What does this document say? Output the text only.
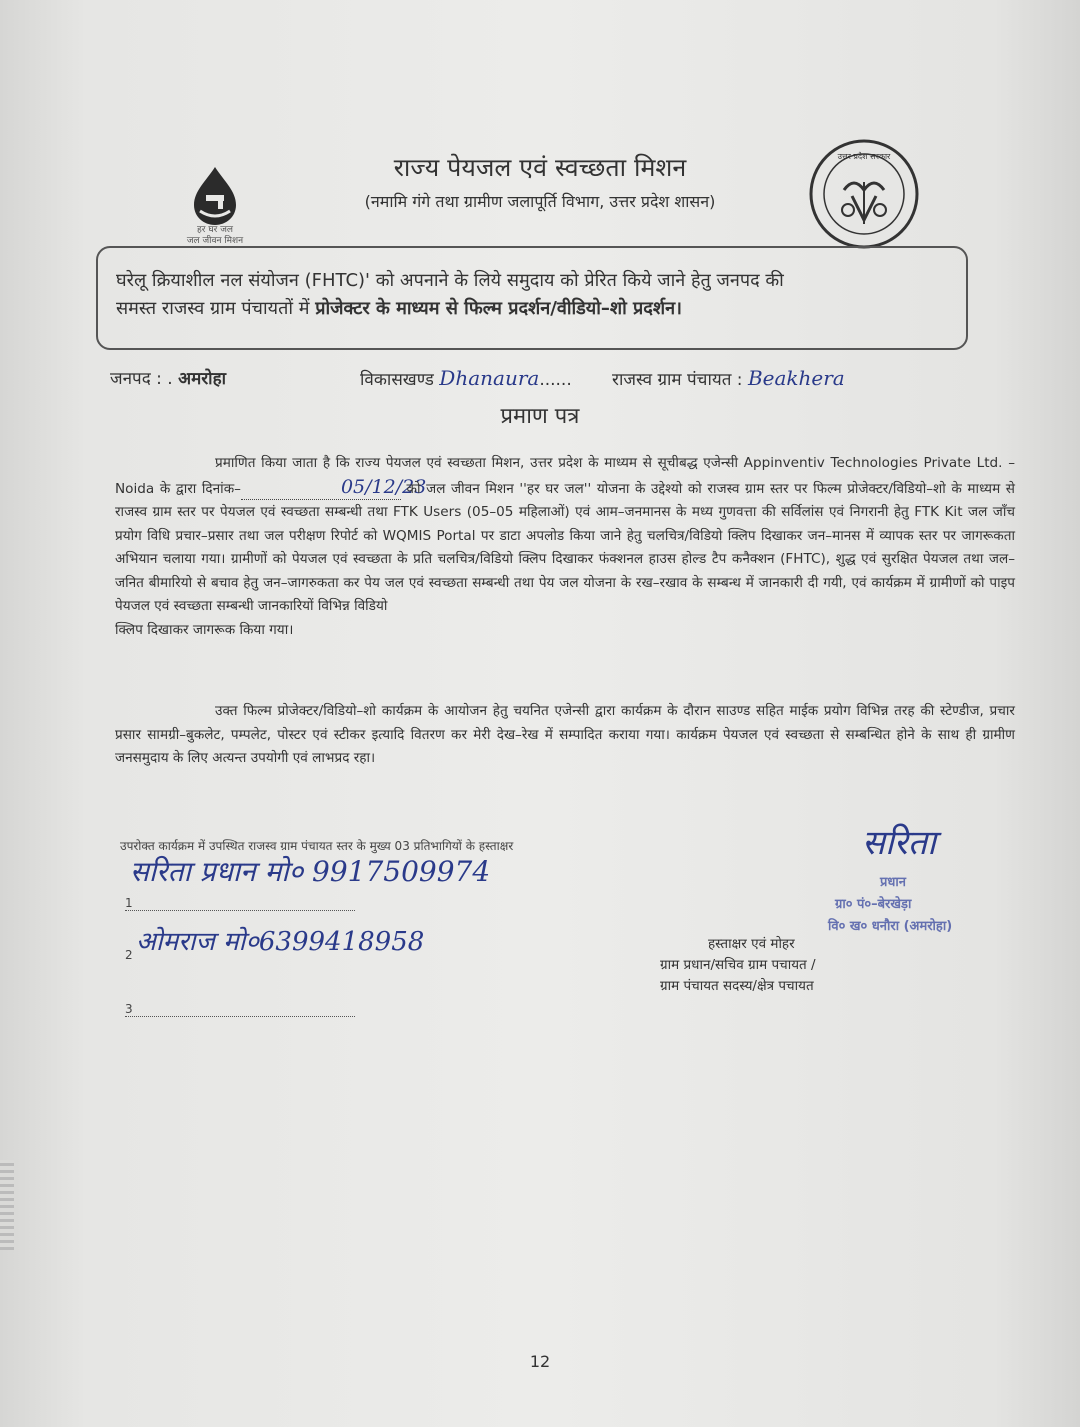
हर घर जल
जल जीवन मिशन
राज्य पेयजल एवं स्वच्छता मिशन
(नमामि गंगे तथा ग्रामीण जलापूर्ति विभाग, उत्तर प्रदेश शासन)
उत्तर प्रदेश सरकार
घरेलू क्रियाशील नल संयोजन (FHTC)' को अपनाने के लिये समुदाय को प्रेरित किये जाने हेतु जनपद की
समस्त राजस्व ग्राम पंचायतों में प्रोजेक्टर के माध्यम से फिल्म प्रदर्शन/वीडियो–शो प्रदर्शन।
जनपद : . अमरोहा	विकासखण्ड Dhanaura...... राजस्व ग्राम पंचायत : Beakhera
प्रमाण पत्र

प्रमाणित किया जाता है कि राज्य पेयजल एवं स्वच्छता मिशन, उत्तर प्रदेश के माध्यम से सूचीबद्ध एजेन्सी Appinventiv Technologies Private Ltd. – Noida के द्वारा दिनांक–	05/12/23 को जल जीवन मिशन ''हर घर जल'' योजना के उद्देश्यो को राजस्व ग्राम स्तर पर फिल्म प्रोजेक्टर/विडियो–शो के माध्यम से राजस्व ग्राम स्तर पर पेयजल एवं स्वच्छता सम्बन्धी तथा FTK Users (05–05 महिलाओं) एवं आम–जनमानस के मध्य गुणवत्ता की सर्विलांस एवं निगरानी हेतु FTK Kit जल जाँच प्रयोग विधि प्रचार–प्रसार तथा जल परीक्षण रिपोर्ट को WQMIS Portal पर डाटा अपलोड किया जाने हेतु चलचित्र/विडियो क्लिप दिखाकर जन–मानस में व्यापक स्तर पर जागरूकता अभियान चलाया गया। ग्रामीणों को पेयजल एवं स्वच्छता के प्रति चलचित्र/विडियो क्लिप दिखाकर फंक्शनल हाउस होल्ड टैप कनैक्शन (FHTC), शुद्ध एवं सुरक्षित पेयजल तथा जल–जनित बीमारियो से बचाव हेतु जन–जागरुकता कर पेय जल एवं स्वच्छता सम्बन्धी तथा पेय जल योजना के रख–रखाव के सम्बन्ध में जानकारी दी गयी, एवं कार्यक्रम में ग्रामीणों को पाइप पेयजल एवं स्वच्छता सम्बन्धी जानकारियों विभिन्न विडियो

क्लिप दिखाकर जागरूक किया गया।

उक्त फिल्म प्रोजेक्टर/विडियो–शो कार्यक्रम के आयोजन हेतु चयनित एजेन्सी द्वारा कार्यक्रम के दौरान साउण्ड सहित माईक प्रयोग विभिन्न तरह की स्टेण्डीज, प्रचार प्रसार सामग्री–बुकलेट, पम्पलेट, पोस्टर एवं स्टीकर इत्यादि वितरण कर मेरी देख–रेख में सम्पादित कराया गया। कार्यक्रम पेयजल एवं स्वच्छता से सम्बन्धित होने के साथ ही ग्रामीण जनसमुदाय के लिए अत्यन्त उपयोगी एवं लाभप्रद रहा।

उपरोक्त कार्यक्रम में उपस्थित राजस्व ग्राम पंचायत स्तर के मुख्य 03 प्रतिभागियों के हस्ताक्षर
सरिता प्रधान मो० 9917509974
1
ओमराज मो०6399418958
2
3
सरिता
प्रधान
ग्रा० पं०–बेरखेड़ा
वि० ख० धनौरा (अमरोहा)
हस्ताक्षर एवं मोहर
ग्राम प्रधान/सचिव ग्राम पचायत /
ग्राम पंचायत सदस्य/क्षेत्र पचायत
12
